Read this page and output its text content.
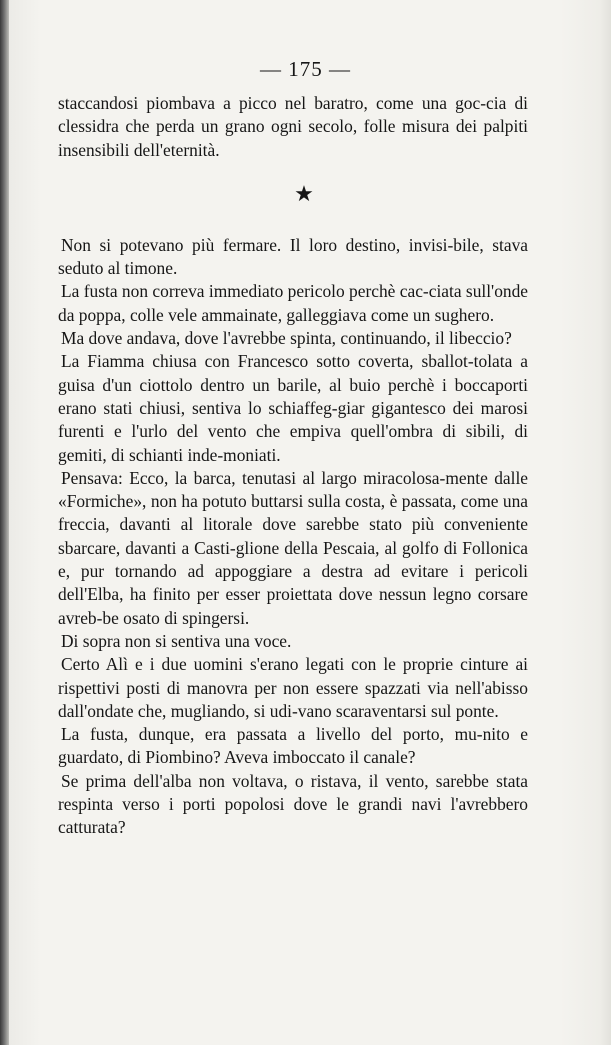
— 175 —

staccandosi piombava a picco nel baratro, come una goc-cia di clessidra che perda un grano ogni secolo, folle misura dei palpiti insensibili dell'eternità.

★

Non si potevano più fermare. Il loro destino, invisi-bile, stava seduto al timone.

La fusta non correva immediato pericolo perchè cac-ciata sull'onde da poppa, colle vele ammainate, galleggiava come un sughero.

Ma dove andava, dove l'avrebbe spinta, continuando, il libeccio?

La Fiamma chiusa con Francesco sotto coverta, sballot-tolata a guisa d'un ciottolo dentro un barile, al buio perchè i boccaporti erano stati chiusi, sentiva lo schiaffeg-giar gigantesco dei marosi furenti e l'urlo del vento che empiva quell'ombra di sibili, di gemiti, di schianti inde-moniati.

Pensava: Ecco, la barca, tenutasi al largo miracolosa-mente dalle «Formiche», non ha potuto buttarsi sulla costa, è passata, come una freccia, davanti al litorale dove sarebbe stato più conveniente sbarcare, davanti a Casti-glione della Pescaia, al golfo di Follonica e, pur tornando ad appoggiare a destra ad evitare i pericoli dell'Elba, ha finito per esser proiettata dove nessun legno corsare avreb-be osato di spingersi.

Di sopra non si sentiva una voce.

Certo Alì e i due uomini s'erano legati con le proprie cinture ai rispettivi posti di manovra per non essere spazzati via nell'abisso dall'ondate che, mugliando, si udi-vano scaraventarsi sul ponte.

La fusta, dunque, era passata a livello del porto, mu-nito e guardato, di Piombino? Aveva imboccato il canale?

Se prima dell'alba non voltava, o ristava, il vento, sarebbe stata respinta verso i porti popolosi dove le grandi navi l'avrebbero catturata?
